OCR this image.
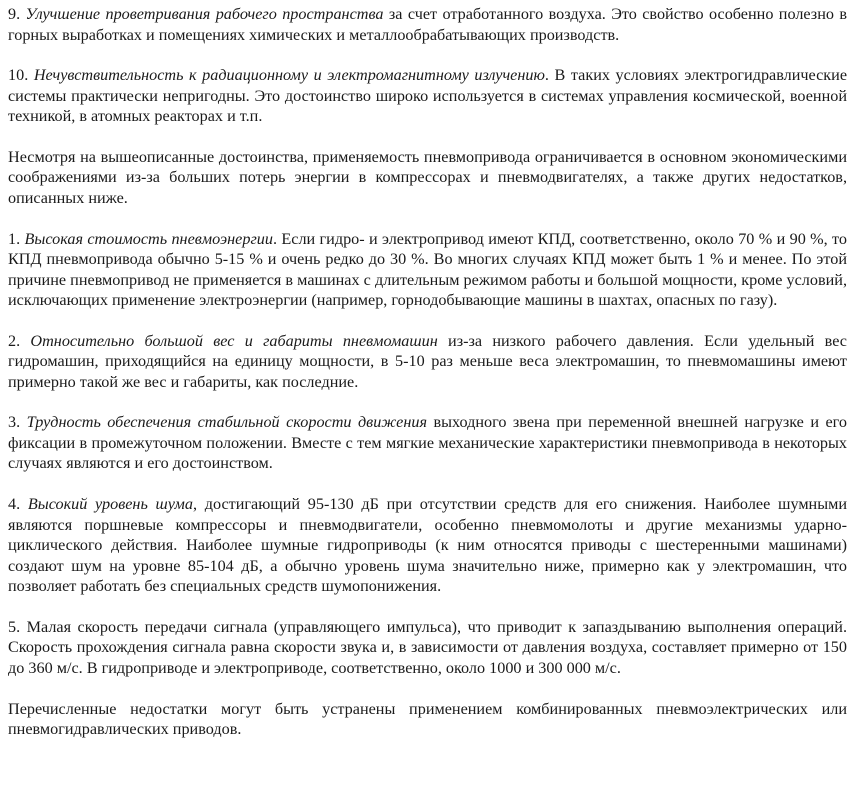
9. Улучшение проветривания рабочего пространства за счет отработанного воздуха. Это свойство особенно полезно в горных выработках и помещениях химических и металлообрабатывающих производств.

10. Нечувствительность к радиационному и электромагнитному излучению. В таких условиях электрогидравлические системы практически непригодны. Это достоинство широко используется в системах управления космической, военной техникой, в атомных реакторах и т.п.

Несмотря на вышеописанные достоинства, применяемость пневмопривода ограничивается в основном экономическими соображениями из-за больших потерь энергии в компрессорах и пневмодвигателях, а также других недостатков, описанных ниже.

1. Высокая стоимость пневмоэнергии. Если гидро- и электропривод имеют КПД, соответственно, около 70 % и 90 %, то КПД пневмопривода обычно 5-15 % и очень редко до 30 %. Во многих случаях КПД может быть 1 % и менее. По этой причине пневмопривод не применяется в машинах с длительным режимом работы и большой мощности, кроме условий, исключающих применение электроэнергии (например, горнодобывающие машины в шахтах, опасных по газу).

2. Относительно большой вес и габариты пневмомашин из-за низкого рабочего давления. Если удельный вес гидромашин, приходящийся на единицу мощности, в 5-10 раз меньше веса электромашин, то пневмомашины имеют примерно такой же вес и габариты, как последние.

3. Трудность обеспечения стабильной скорости движения выходного звена при переменной внешней нагрузке и его фиксации в промежуточном положении. Вместе с тем мягкие механические характеристики пневмопривода в некоторых случаях являются и его достоинством.

4. Высокий уровень шума, достигающий 95-130 дБ при отсутствии средств для его снижения. Наиболее шумными являются поршневые компрессоры и пневмодвигатели, особенно пневмомолоты и другие механизмы ударно- циклического действия. Наиболее шумные гидроприводы (к ним относятся приводы с шестеренными машинами) создают шум на уровне 85-104 дБ, а обычно уровень шума значительно ниже, примерно как у электромашин, что позволяет работать без специальных средств шумопонижения.

5. Малая скорость передачи сигнала (управляющего импульса), что приводит к запаздыванию выполнения операций. Скорость прохождения сигнала равна скорости звука и, в зависимости от давления воздуха, составляет примерно от 150 до 360 м/с. В гидроприводе и электроприводе, соответственно, около 1000 и 300 000 м/с.

Перечисленные недостатки могут быть устранены применением комбинированных пневмоэлектрических или пневмогидравлических приводов.
